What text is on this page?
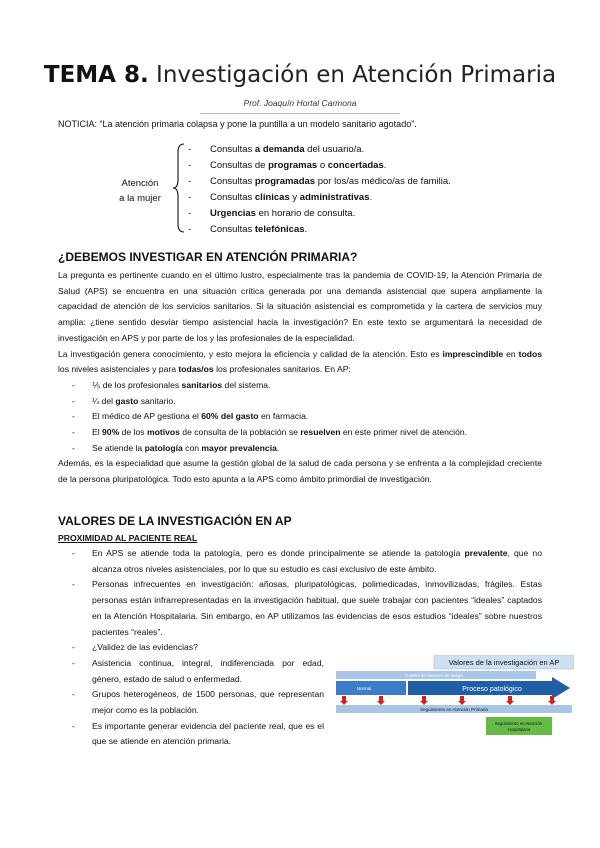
TEMA 8. Investigación en Atención Primaria
Prof. Joaquín Hortal Carmona
NOTICIA: “La atención primaria colapsa y pone la puntilla a un modelo sanitario agotado”.
Atención
a la mujer
- Consultas a demanda del usuario/a.
- Consultas de programas o concertadas.
- Consultas programadas por los/as médico/as de familia.
- Consultas clínicas y administrativas.
- Urgencias en horario de consulta.
- Consultas telefónicas.
¿DEBEMOS INVESTIGAR EN ATENCIÓN PRIMARIA?

La pregunta es pertinente cuando en el último lustro, especialmente tras la pandemia de COVID-19, la Atención Primaria de Salud (APS) se encuentra en una situación crítica generada por una demanda asistencial que supera ampliamente la capacidad de atención de los servicios sanitarios. Si la situación asistencial es comprometida y la cartera de servicios muy amplia: ¿tiene sentido desviar tiempo asistencial hacia la investigación? En este texto se argumentará la necesidad de investigación en APS y por parte de los y las profesionales de la especialidad.

La investigación genera conocimiento, y esto mejora la eficiencia y calidad de la atención. Esto es imprescindible en todos los niveles asistenciales y para todas/os los profesionales sanitarios. En AP:

- ⅕ de los profesionales sanitarios del sistema.
- ¼ del gasto sanitario.
- El médico de AP gestiona el 60% del gasto en farmacia.
- El 90% de los motivos de consulta de la población se resuelven en este primer nivel de atención.
- Se atiende la patología con mayor prevalencia.

Además, es la especialidad que asume la gestión global de la salud de cada persona y se enfrenta a la complejidad creciente de la persona pluripatológica. Todo esto apunta a la APS como ámbito primordial de investigación.

VALORES DE LA INVESTIGACIÓN EN AP
PROXIMIDAD AL PACIENTE REAL
- En APS se atiende toda la patología, pero es donde principalmente se atiende la patología prevalente, que no alcanza otros niveles asistenciales, por lo que su estudio es casi exclusivo de este ámbito.
- Personas infrecuentes en investigación: añosas, pluripatológicas, polimedicadas, inmovilizadas, frágiles. Estas personas están infrarrepresentadas en la investigación habitual, que suele trabajar con pacientes “ideales” captados en la Atención Hospitalaria. Sin embargo, en AP utilizamos las evidencias de esos estudios “ideales” sobre nuestros pacientes “reales”.
- ¿Validez de las evidencias?
- Asistencia continua, integral, indiferenciada por edad, género, estado de salud o enfermedad.
- Grupos heterogéneos, de 1500 personas, que representan mejor como es la población.
- Es importante generar evidencia del paciente real, que es el que se atiende en atención primaria.
Valores de la investigación en AP
Control de factores de riesgo
Normal	Proceso patológico
Seguimiento en Atención Primaria
Seguimiento en Atención Hospitalaria
